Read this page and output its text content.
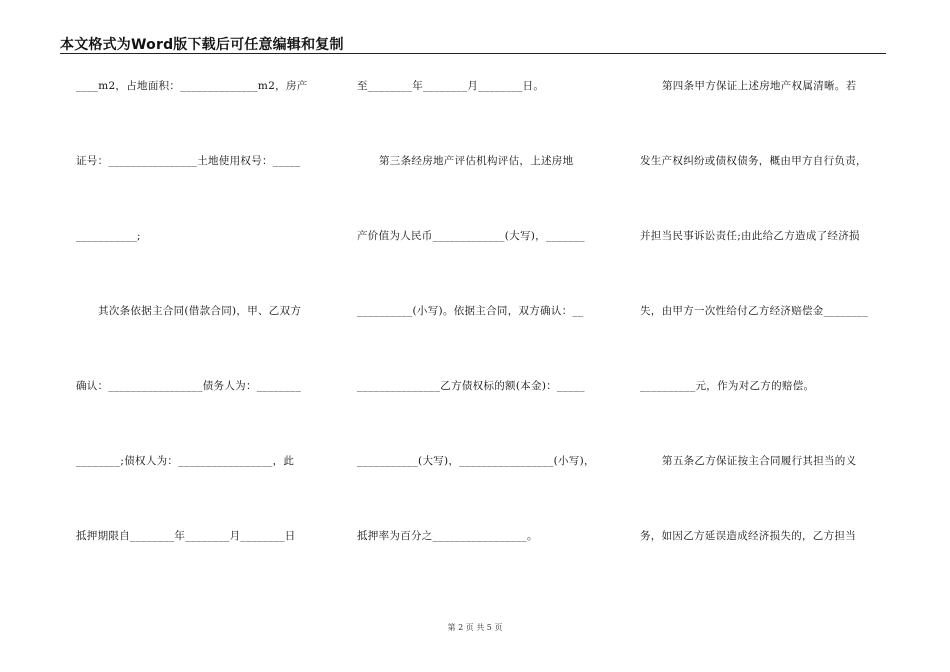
本文格式为Word版下载后可任意编辑和复制
____m2，占地面积：______________m2，房产
证号：________________土地使用权号：_____
___________;
其次条依据主合同(借款合同)，甲、乙双方
确认：_________________债务人为：________
________;债权人为：_________________，此
抵押期限自________年________月________日
至________年________月________日。
第三条经房地产评估机构评估，上述房地
产价值为人民币_____________(大写)，_______
__________(小写)。依据主合同，双方确认：__
_______________乙方债权标的额(本金)：_____
___________(大写)，_________________(小写)，
抵押率为百分之_________________。
第四条甲方保证上述房地产权属清晰。若
发生产权纠纷或债权债务，概由甲方自行负责，
并担当民事诉讼责任;由此给乙方造成了经济损
失，由甲方一次性给付乙方经济赔偿金________
__________元，作为对乙方的赔偿。
第五条乙方保证按主合同履行其担当的义
务，如因乙方延误造成经济损失的，乙方担当
第 2 页 共 5 页
